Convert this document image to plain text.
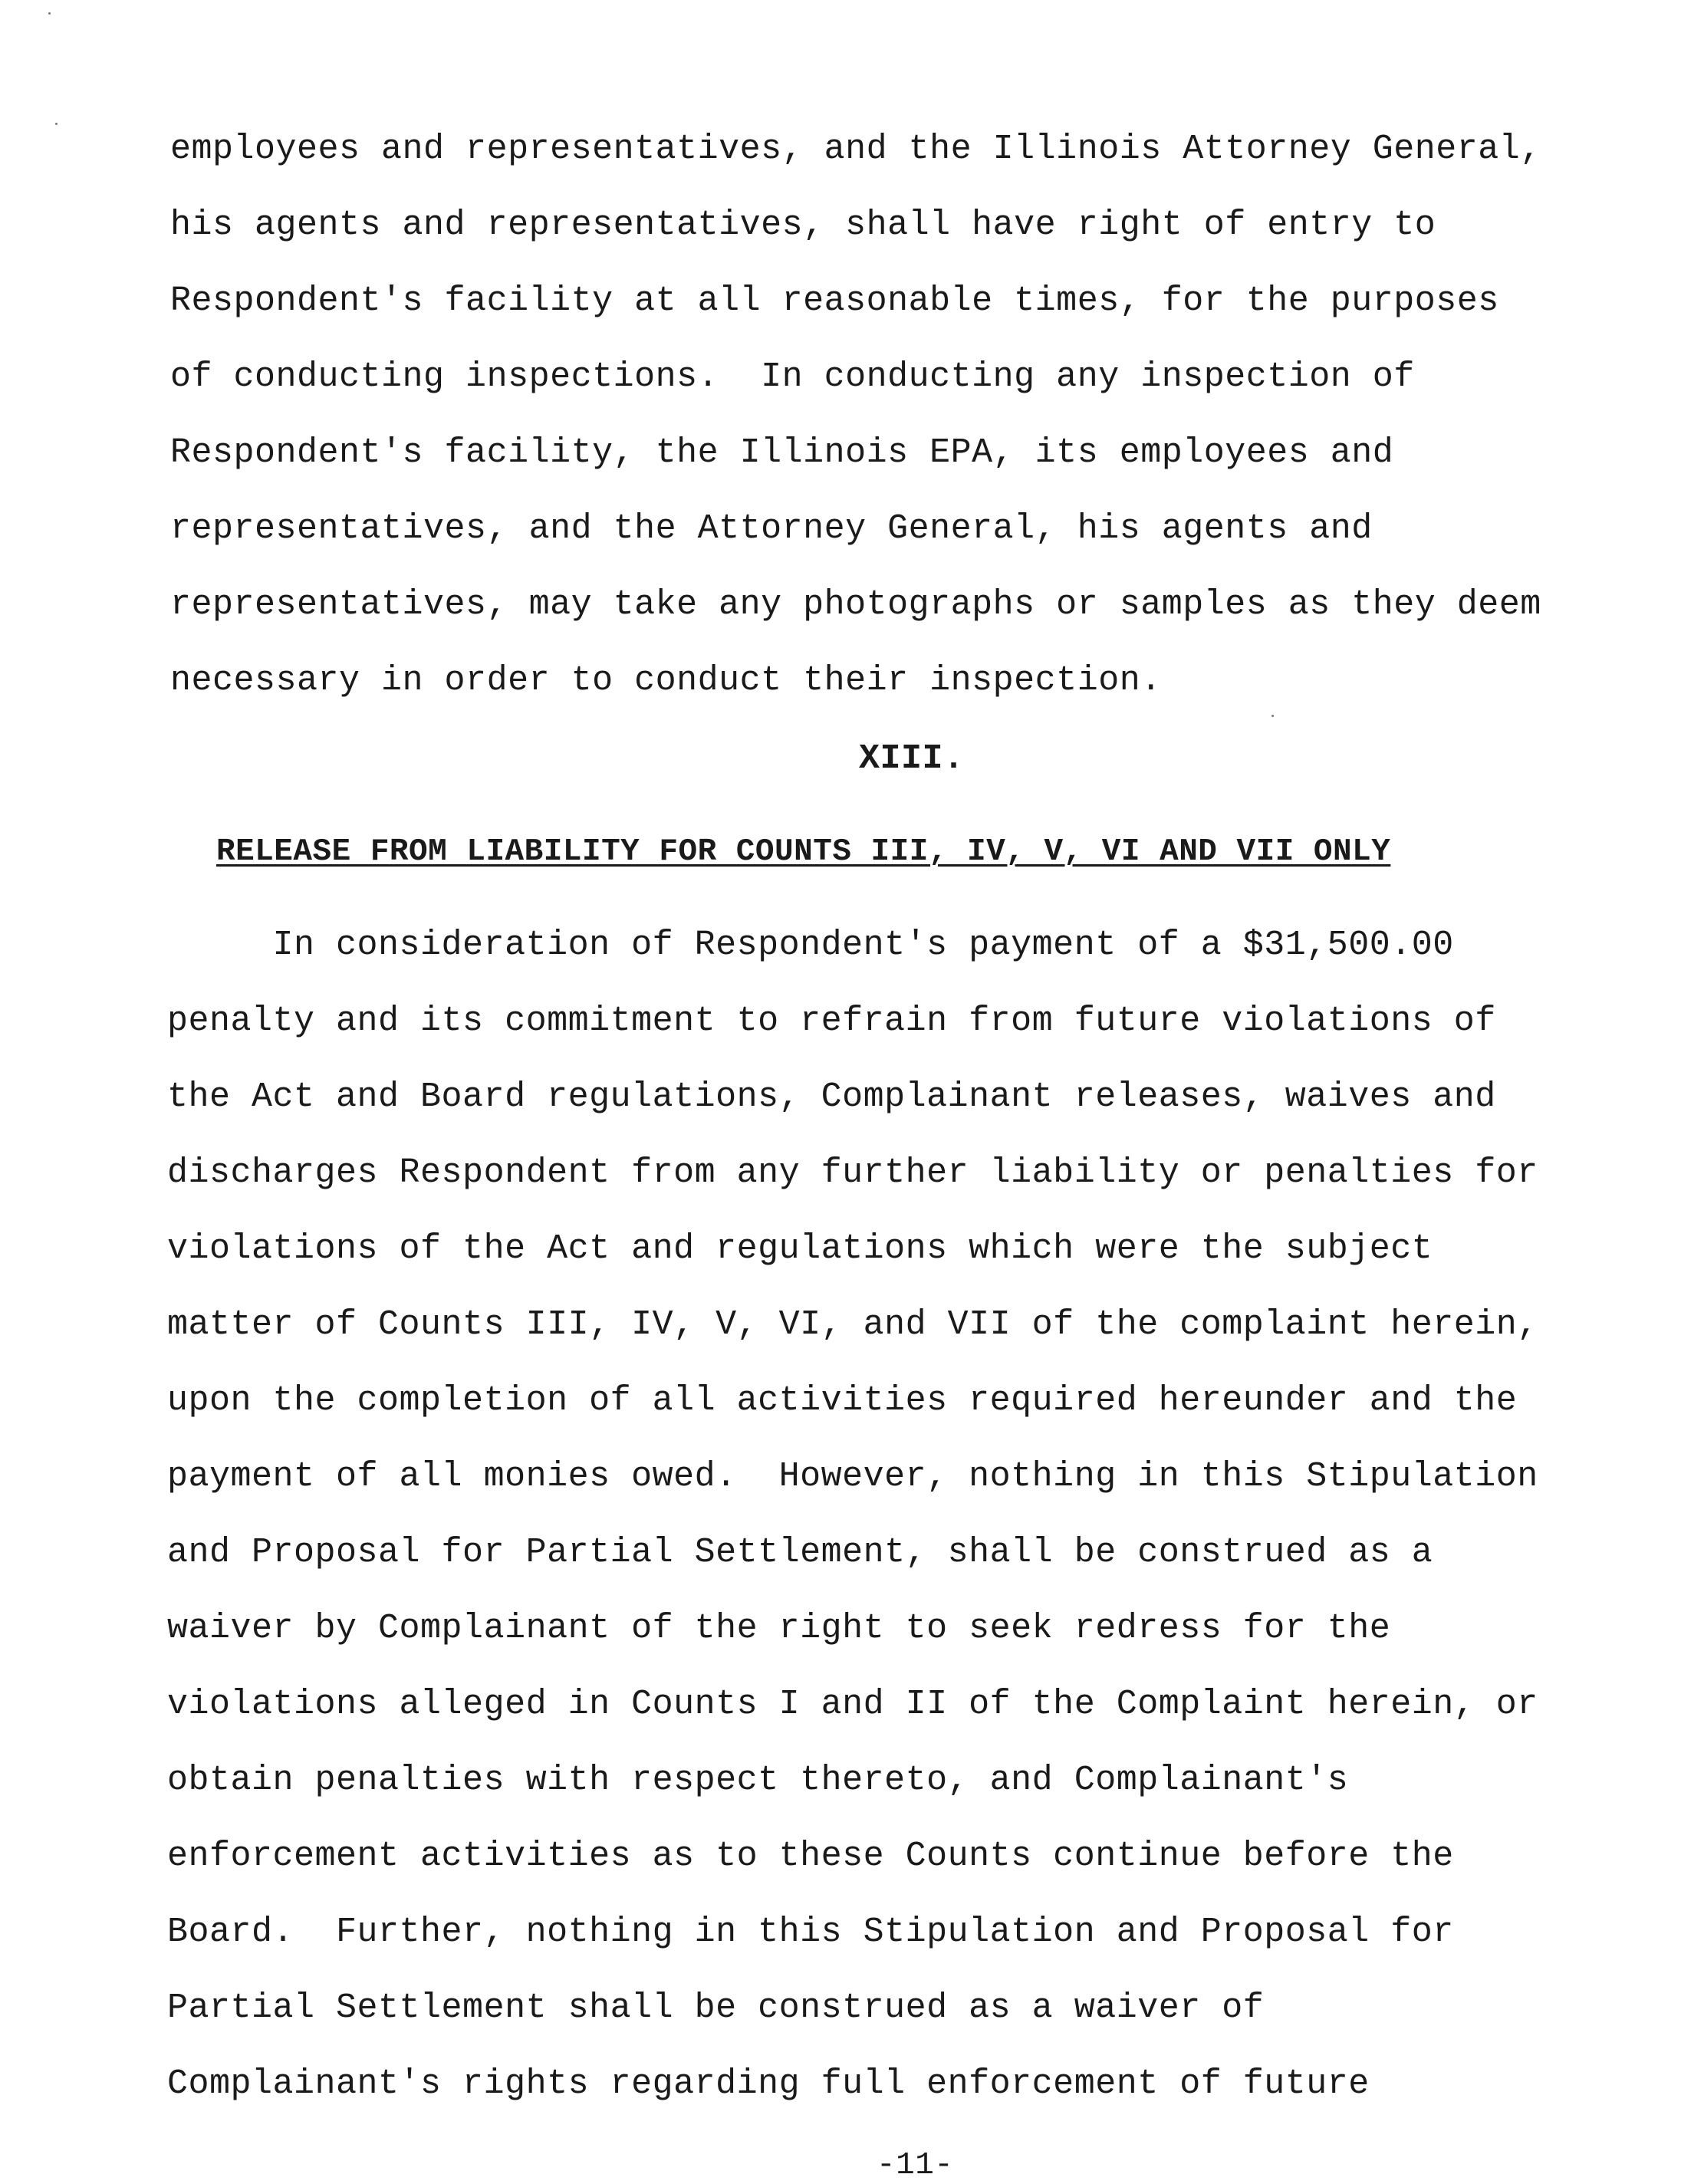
employees and representatives, and the Illinois Attorney General,
his agents and representatives, shall have right of entry to
Respondent's facility at all reasonable times, for the purposes
of conducting inspections.  In conducting any inspection of
Respondent's facility, the Illinois EPA, its employees and
representatives, and the Attorney General, his agents and
representatives, may take any photographs or samples as they deem
necessary in order to conduct their inspection.
XIII.
RELEASE FROM LIABILITY FOR COUNTS III, IV, V, VI AND VII ONLY
In consideration of Respondent's payment of a $31,500.00
penalty and its commitment to refrain from future violations of
the Act and Board regulations, Complainant releases, waives and
discharges Respondent from any further liability or penalties for
violations of the Act and regulations which were the subject
matter of Counts III, IV, V, VI, and VII of the complaint herein,
upon the completion of all activities required hereunder and the
payment of all monies owed.  However, nothing in this Stipulation
and Proposal for Partial Settlement, shall be construed as a
waiver by Complainant of the right to seek redress for the
violations alleged in Counts I and II of the Complaint herein, or
obtain penalties with respect thereto, and Complainant's
enforcement activities as to these Counts continue before the
Board.  Further, nothing in this Stipulation and Proposal for
Partial Settlement shall be construed as a waiver of
Complainant's rights regarding full enforcement of future
-11-
